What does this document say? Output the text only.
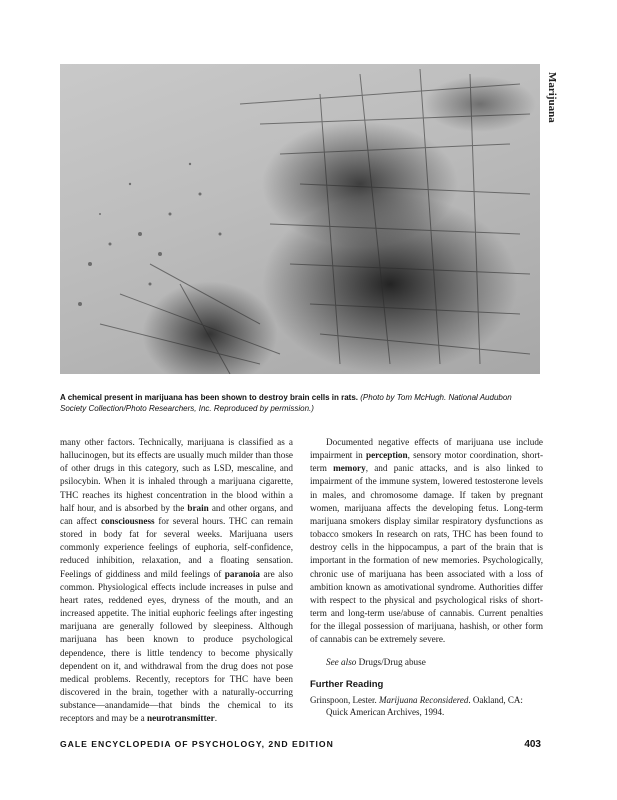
Marijuana
A chemical present in marijuana has been shown to destroy brain cells in rats. (Photo by Tom McHugh. National Audubon Society Collection/Photo Researchers, Inc. Reproduced by permission.)

many other factors. Technically, marijuana is classified as a hallucinogen, but its effects are usually much milder than those of other drugs in this category, such as LSD, mescaline, and psilocybin. When it is inhaled through a marijuana cigarette, THC reaches its highest concentration in the blood within a half hour, and is absorbed by the brain and other organs, and can affect consciousness for several hours. THC can remain stored in body fat for several weeks. Marijuana users commonly experience feelings of euphoria, self-confidence, reduced inhibition, relaxation, and a floating sensation. Feelings of giddiness and mild feelings of paranoia are also common. Physiological effects include increases in pulse and heart rates, reddened eyes, dryness of the mouth, and an increased appetite. The initial euphoric feelings after ingesting marijuana are generally followed by sleepiness. Although marijuana has been known to produce psychological dependence, there is little tendency to become physically dependent on it, and withdrawal from the drug does not pose medical problems. Recently, receptors for THC have been discovered in the brain, together with a naturally-occurring substance—anandamide—that binds the chemical to its receptors and may be a neurotransmitter.

Documented negative effects of marijuana use include impairment in perception, sensory motor coordination, short-term memory, and panic attacks, and is also linked to impairment of the immune system, lowered testosterone levels in males, and chromosome damage. If taken by pregnant women, marijuana affects the developing fetus. Long-term marijuana smokers display similar respiratory dysfunctions as tobacco smokers In research on rats, THC has been found to destroy cells in the hippocampus, a part of the brain that is important in the formation of new memories. Psychologically, chronic use of marijuana has been associated with a loss of ambition known as amotivational syndrome. Authorities differ with respect to the physical and psychological risks of short-term and long-term use/abuse of cannabis. Current penalties for the illegal possession of marijuana, hashish, or other form of cannabis can be extremely severe.

See also Drugs/Drug abuse

Further Reading

Grinspoon, Lester. Marijuana Reconsidered. Oakland, CA: Quick American Archives, 1994.

GALE ENCYCLOPEDIA OF PSYCHOLOGY, 2ND EDITION	403
